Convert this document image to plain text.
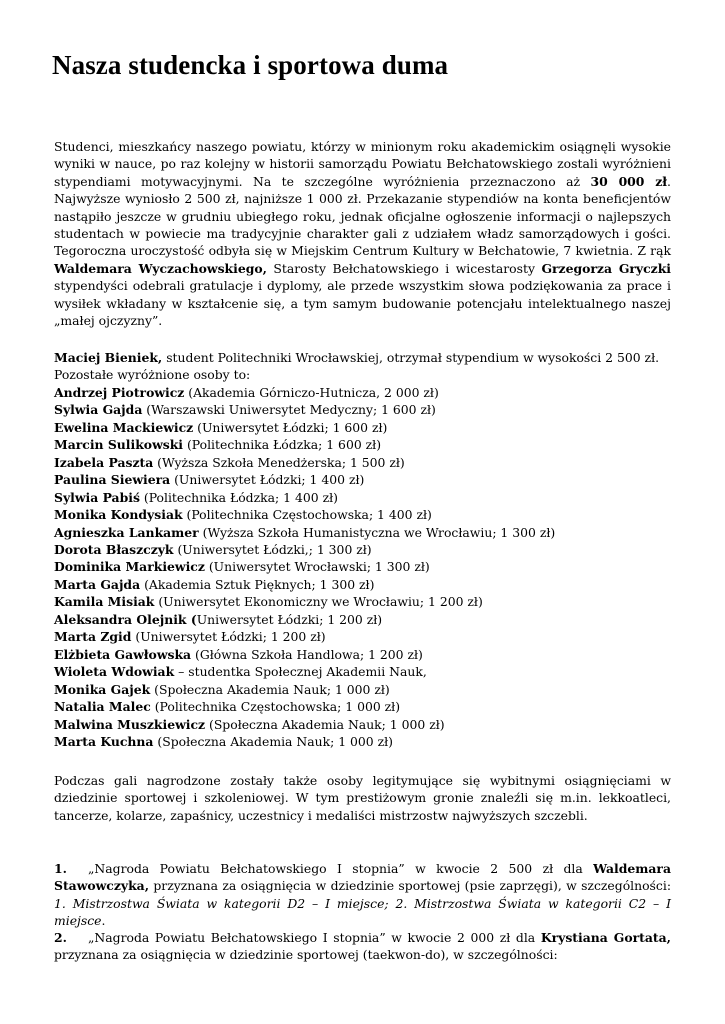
Nasza studencka i sportowa duma

Studenci, mieszkańcy naszego powiatu, którzy w minionym roku akademickim osiągnęli wysokie wyniki w nauce, po raz kolejny w historii samorządu Powiatu Bełchatowskiego zostali wyróżnieni stypendiami motywacyjnymi. Na te szczególne wyróżnienia przeznaczono aż 30 000 zł. Najwyższe wyniosło 2 500 zł, najniższe 1 000 zł. Przekazanie stypendiów na konta beneficjentów nastąpiło jeszcze w grudniu ubiegłego roku, jednak oficjalne ogłoszenie informacji o najlepszych studentach w powiecie ma tradycyjnie charakter gali z udziałem władz samorządowych i gości. Tegoroczna uroczystość odbyła się w Miejskim Centrum Kultury w Bełchatowie, 7 kwietnia. Z rąk Waldemara Wyczachowskiego, Starosty Bełchatowskiego i wicestarosty Grzegorza Gryczki stypendyści odebrali gratulacje i dyplomy, ale przede wszystkim słowa podziękowania za prace i wysiłek wkładany w kształcenie się, a tym samym budowanie potencjału intelektualnego naszej „małej ojczyzny”.

Maciej Bieniek, student Politechniki Wrocławskiej, otrzymał stypendium w wysokości 2 500 zł.
Pozostałe wyróżnione osoby to:
Andrzej Piotrowicz (Akademia Górniczo-Hutnicza, 2 000 zł)
Sylwia Gajda (Warszawski Uniwersytet Medyczny; 1 600 zł)
Ewelina Mackiewicz (Uniwersytet Łódzki; 1 600 zł)
Marcin Sulikowski (Politechnika Łódzka; 1 600 zł)
Izabela Paszta (Wyższa Szkoła Menedżerska; 1 500 zł)
Paulina Siewiera (Uniwersytet Łódzki; 1 400 zł)
Sylwia Pabiś (Politechnika Łódzka; 1 400 zł)
Monika Kondysiak (Politechnika Częstochowska; 1 400 zł)
Agnieszka Lankamer (Wyższa Szkoła Humanistyczna we Wrocławiu; 1 300 zł)
Dorota Błaszczyk (Uniwersytet Łódzki,; 1 300 zł)
Dominika Markiewicz (Uniwersytet Wrocławski; 1 300 zł)
Marta Gajda (Akademia Sztuk Pięknych; 1 300 zł)
Kamila Misiak (Uniwersytet Ekonomiczny we Wrocławiu; 1 200 zł)
Aleksandra Olejnik (Uniwersytet Łódzki; 1 200 zł)
Marta Zgid (Uniwersytet Łódzki; 1 200 zł)
Elżbieta Gawłowska (Główna Szkoła Handlowa; 1 200 zł)
Wioleta Wdowiak – studentka Społecznej Akademii Nauk,
Monika Gajek (Społeczna Akademia Nauk; 1 000 zł)
Natalia Malec (Politechnika Częstochowska; 1 000 zł)
Malwina Muszkiewicz (Społeczna Akademia Nauk; 1 000 zł)
Marta Kuchna (Społeczna Akademia Nauk; 1 000 zł)

Podczas gali nagrodzone zostały także osoby legitymujące się wybitnymi osiągnięciami w dziedzinie sportowej i szkoleniowej. W tym prestiżowym gronie znaleźli się m.in. lekkoatleci, tancerze, kolarze, zapaśnicy, uczestnicy i medaliści mistrzostw najwyższych szczebli.

1. „Nagroda Powiatu Bełchatowskiego I stopnia” w kwocie 2 500 zł dla Waldemara Stawowczyka, przyznana za osiągnięcia w dziedzinie sportowej (psie zaprzęgi), w szczególności: 1. Mistrzostwa Świata w kategorii D2 – I miejsce; 2. Mistrzostwa Świata w kategorii C2 – I miejsce.

2. „Nagroda Powiatu Bełchatowskiego I stopnia” w kwocie 2 000 zł dla Krystiana Gortata, przyznana za osiągnięcia w dziedzinie sportowej (taekwon-do), w szczególności:
